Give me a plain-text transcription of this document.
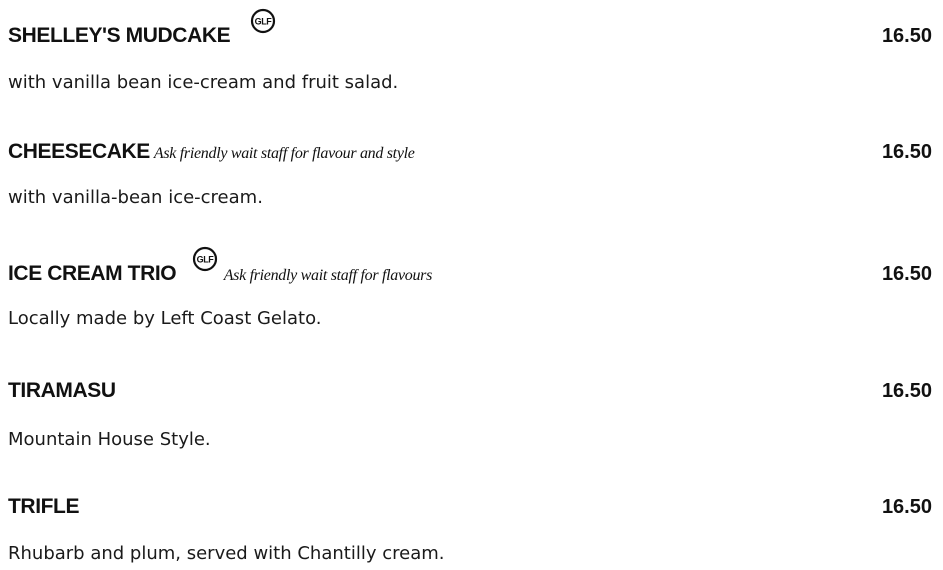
SHELLEY'S MUDCAKE
GLF
16.50
with vanilla bean ice-cream and fruit salad.
CHEESECAKE Ask friendly wait staff for flavour and style	16.50
with vanilla-bean ice-cream.
ICE CREAM TRIO
GLF
Ask friendly wait staff for flavours	16.50
Locally made by Left Coast Gelato.
TIRAMASU	16.50
Mountain House Style.
TRIFLE	16.50
Rhubarb and plum, served with Chantilly cream.
